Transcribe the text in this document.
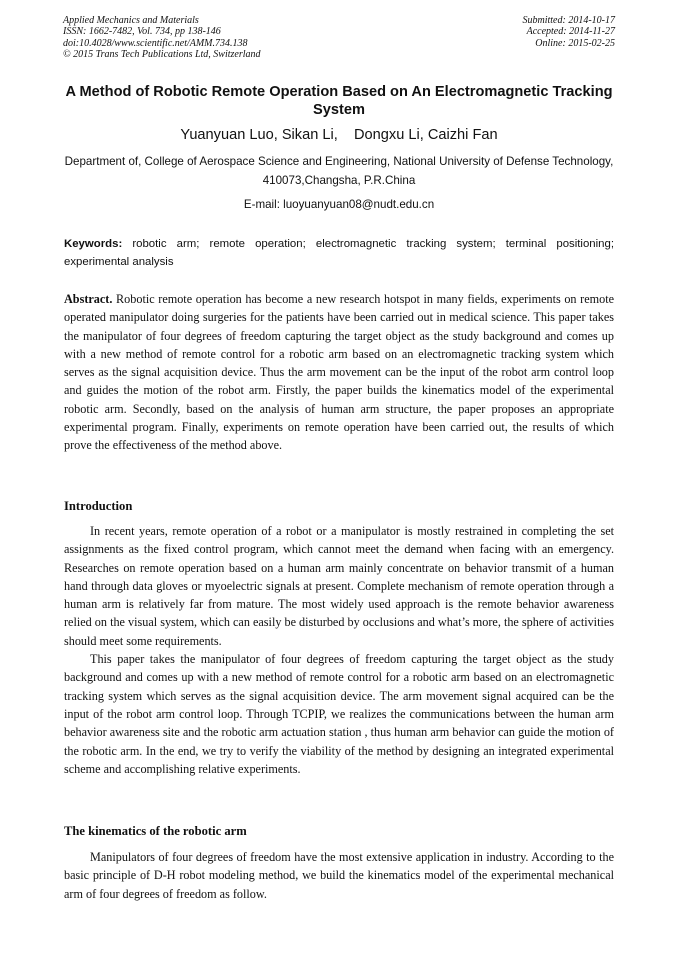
Applied Mechanics and Materials
ISSN: 1662-7482, Vol. 734, pp 138-146
doi:10.4028/www.scientific.net/AMM.734.138
© 2015 Trans Tech Publications Ltd, Switzerland
Submitted: 2014-10-17
Accepted: 2014-11-27
Online: 2015-02-25
A Method of Robotic Remote Operation Based on An Electromagnetic Tracking System
Yuanyuan Luo, Sikan Li,    Dongxu Li, Caizhi Fan
Department of, College of Aerospace Science and Engineering, National University of Defense Technology, 410073,Changsha, P.R.China
E-mail: luoyuanyuan08@nudt.edu.cn
Keywords: robotic arm; remote operation; electromagnetic tracking system; terminal positioning; experimental analysis
Abstract. Robotic remote operation has become a new research hotspot in many fields, experiments on remote operated manipulator doing surgeries for the patients have been carried out in medical science. This paper takes the manipulator of four degrees of freedom capturing the target object as the study background and comes up with a new method of remote control for a robotic arm based on an electromagnetic tracking system which serves as the signal acquisition device. Thus the arm movement can be the input of the robot arm control loop and guides the motion of the robot arm. Firstly, the paper builds the kinematics model of the experimental robotic arm. Secondly, based on the analysis of human arm structure, the paper proposes an appropriate experimental program. Finally, experiments on remote operation have been carried out, the results of which prove the effectiveness of the method above.
Introduction

In recent years, remote operation of a robot or a manipulator is mostly restrained in completing the set assignments as the fixed control program, which cannot meet the demand when facing with an emergency. Researches on remote operation based on a human arm mainly concentrate on behavior transmit of a human hand through data gloves or myoelectric signals at present. Complete mechanism of remote operation through a human arm is relatively far from mature. The most widely used approach is the remote behavior awareness relied on the visual system, which can easily be disturbed by occlusions and what’s more, the sphere of activities should meet some requirements.

This paper takes the manipulator of four degrees of freedom capturing the target object as the study background and comes up with a new method of remote control for a robotic arm based on an electromagnetic tracking system which serves as the signal acquisition device. The arm movement signal acquired can be the input of the robot arm control loop. Through TCPIP, we realizes the communications between the human arm behavior awareness site and the robotic arm actuation station , thus human arm behavior can guide the motion of the robotic arm. In the end, we try to verify the viability of the method by designing an integrated experimental scheme and accomplishing relative experiments.

The kinematics of the robotic arm

Manipulators of four degrees of freedom have the most extensive application in industry. According to the basic principle of D-H robot modeling method, we build the kinematics model of the experimental mechanical arm of four degrees of freedom as follow.
